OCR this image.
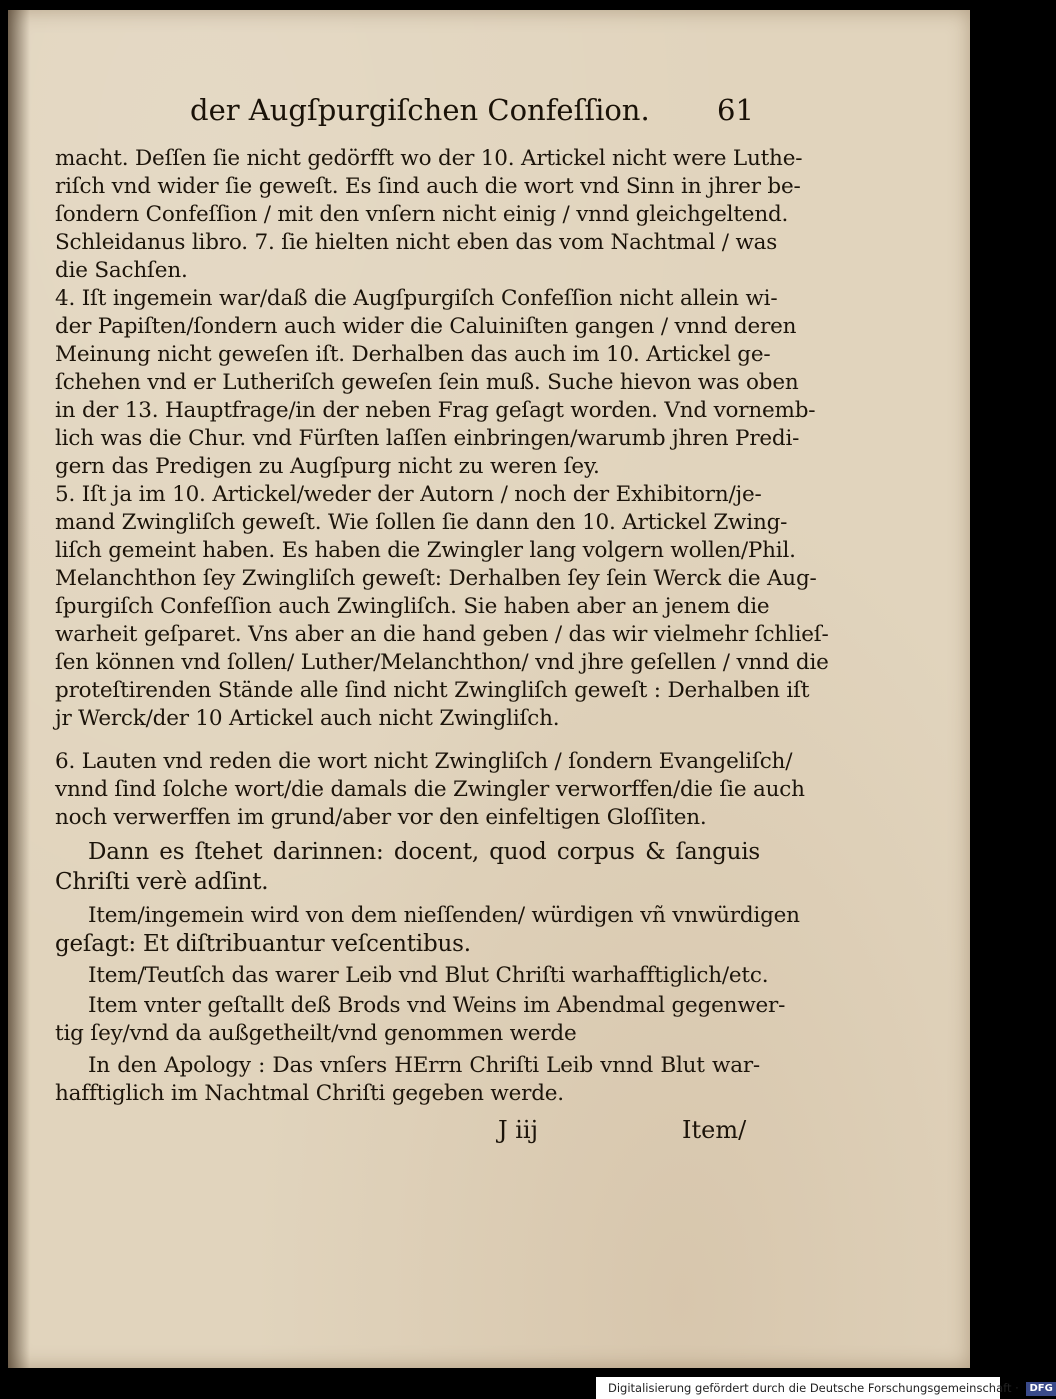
der Augſpurgiſchen Confeſſion.	61
macht. Deſſen ſie nicht gedörfft wo der 10. Artickel nicht were Luthe-
riſch vnd wider ſie geweſt. Es ſind auch die wort vnd Sinn in jhrer be-
ſondern Confeſſion / mit den vnſern nicht einig / vnnd gleichgeltend.
Schleidanus libro. 7. ſie hielten nicht eben das vom Nachtmal / was
die Sachſen.
4. Iſt ingemein war/daß die Augſpurgiſch Confeſſion nicht allein wi-
der Papiſten/ſondern auch wider die Caluiniſten gangen / vnnd deren
Meinung nicht geweſen iſt. Derhalben das auch im 10. Artickel ge-
ſchehen vnd er Lutheriſch geweſen ſein muß. Suche hievon was oben
in der 13. Hauptfrage/in der neben Frag geſagt worden. Vnd vornemb-
lich was die Chur. vnd Fürſten laſſen einbringen/warumb jhren Predi-
gern das Predigen zu Augſpurg nicht zu weren ſey.
5. Iſt ja im 10. Artickel/weder der Autorn / noch der Exhibitorn/je-
mand Zwingliſch geweſt. Wie ſollen ſie dann den 10. Artickel Zwing-
liſch gemeint haben. Es haben die Zwingler lang volgern wollen/Phil.
Melanchthon ſey Zwingliſch geweſt: Derhalben ſey ſein Werck die Aug-
ſpurgiſch Confeſſion auch Zwingliſch. Sie haben aber an jenem die
warheit geſparet. Vns aber an die hand geben / das wir vielmehr ſchlieſ-
ſen können vnd ſollen/ Luther/Melanchthon/ vnd jhre geſellen / vnnd die
proteſtirenden Stände alle ſind nicht Zwingliſch geweſt : Derhalben iſt
jr Werck/der 10 Artickel auch nicht Zwingliſch.
6. Lauten vnd reden die wort nicht Zwingliſch / ſondern Evangeliſch/
vnnd ſind ſolche wort/die damals die Zwingler verworffen/die ſie auch
noch verwerffen im grund/aber vor den einfeltigen Gloſſiten.
Dann es ſtehet darinnen: docent, quod corpus & ſanguis
Chriſti verè adſint.
Item/ingemein wird von dem nieſſenden/ würdigen vñ vnwürdigen
geſagt: Et diſtribuantur veſcentibus.
Item/Teutſch das warer Leib vnd Blut Chriſti warhafftiglich/etc.
Item vnter geſtallt deß Brods vnd Weins im Abendmal gegenwer-
tig ſey/vnd da außgetheilt/vnd genommen werde
In den Apology : Das vnſers HErrn Chriſti Leib vnnd Blut war-
hafftiglich im Nachtmal Chriſti gegeben werde.
J iij	Item/
Digitalisierung gefördert durch die Deutsche Forschungsgemeinschaft · DFG
